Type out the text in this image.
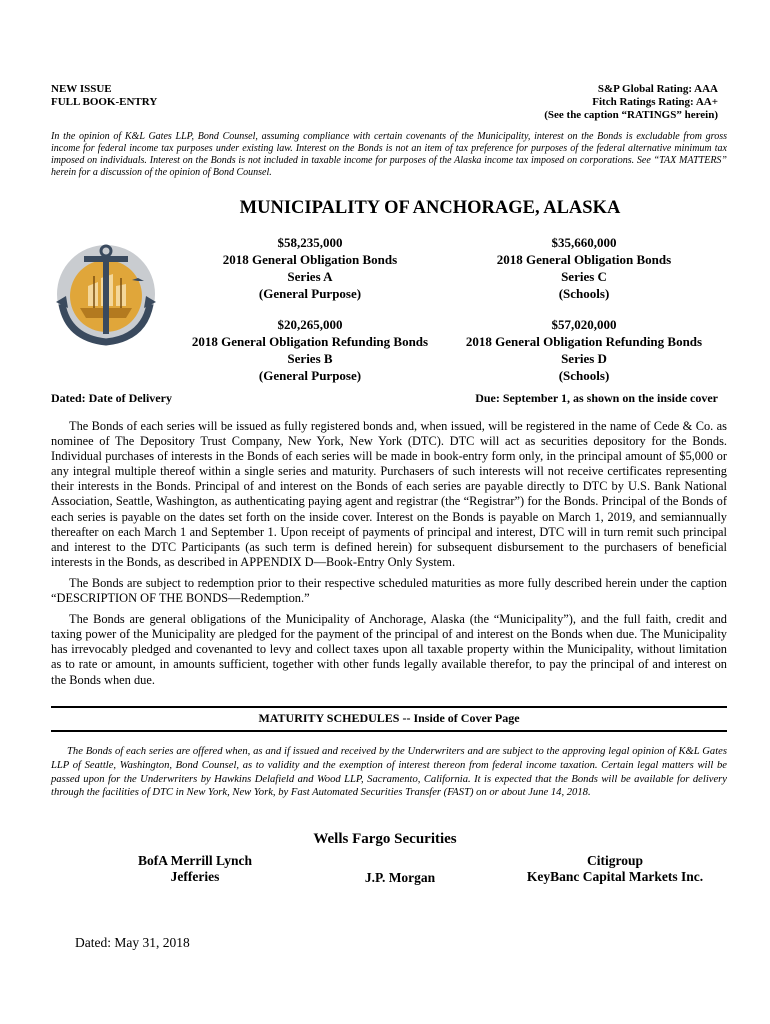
NEW ISSUE
FULL BOOK-ENTRY
S&P Global Rating: AAA
Fitch Ratings Rating: AA+
(See the caption “RATINGS” herein)
In the opinion of K&L Gates LLP, Bond Counsel, assuming compliance with certain covenants of the Municipality, interest on the Bonds is excludable from gross income for federal income tax purposes under existing law. Interest on the Bonds is not an item of tax preference for purposes of the federal alternative minimum tax imposed on individuals. Interest on the Bonds is not included in taxable income for purposes of the Alaska income tax imposed on corporations. See “TAX MATTERS” herein for a discussion of the opinion of Bond Counsel.
MUNICIPALITY OF ANCHORAGE, ALASKA
$58,235,000
2018 General Obligation Bonds
Series A
(General Purpose)
$35,660,000
2018 General Obligation Bonds
Series C
(Schools)
$20,265,000
2018 General Obligation Refunding Bonds
Series B
(General Purpose)
$57,020,000
2018 General Obligation Refunding Bonds
Series D
(Schools)
Dated: Date of Delivery	Due: September 1, as shown on the inside cover

The Bonds of each series will be issued as fully registered bonds and, when issued, will be registered in the name of Cede & Co. as nominee of The Depository Trust Company, New York, New York (DTC). DTC will act as securities depository for the Bonds. Individual purchases of interests in the Bonds of each series will be made in book-entry form only, in the principal amount of $5,000 or any integral multiple thereof within a single series and maturity. Purchasers of such interests will not receive certificates representing their interests in the Bonds. Principal of and interest on the Bonds of each series are payable directly to DTC by U.S. Bank National Association, Seattle, Washington, as authenticating paying agent and registrar (the “Registrar”) for the Bonds. Principal of the Bonds of each series is payable on the dates set forth on the inside cover. Interest on the Bonds is payable on March 1, 2019, and semiannually thereafter on each March 1 and September 1. Upon receipt of payments of principal and interest, DTC will in turn remit such principal and interest to the DTC Participants (as such term is defined herein) for subsequent disbursement to the purchasers of beneficial interests in the Bonds, as described in APPENDIX D—Book-Entry Only System.

The Bonds are subject to redemption prior to their respective scheduled maturities as more fully described herein under the caption “DESCRIPTION OF THE BONDS—Redemption.”

The Bonds are general obligations of the Municipality of Anchorage, Alaska (the “Municipality”), and the full faith, credit and taxing power of the Municipality are pledged for the payment of the principal of and interest on the Bonds when due. The Municipality has irrevocably pledged and covenanted to levy and collect taxes upon all taxable property within the Municipality, without limitation as to rate or amount, in amounts sufficient, together with other funds legally available therefor, to pay the principal of and interest on the Bonds when due.

MATURITY SCHEDULES -- Inside of Cover Page
The Bonds of each series are offered when, as and if issued and received by the Underwriters and are subject to the approving legal opinion of K&L Gates LLP of Seattle, Washington, Bond Counsel, as to validity and the exemption of interest thereon from federal income taxation. Certain legal matters will be passed upon for the Underwriters by Hawkins Delafield and Wood LLP, Sacramento, California. It is expected that the Bonds will be available for delivery through the facilities of DTC in New York, New York, by Fast Automated Securities Transfer (FAST) on or about June 14, 2018.
Wells Fargo Securities
BofA Merrill Lynch
Jefferies	J.P. Morgan
Citigroup
KeyBanc Capital Markets Inc.
Dated: May 31, 2018
